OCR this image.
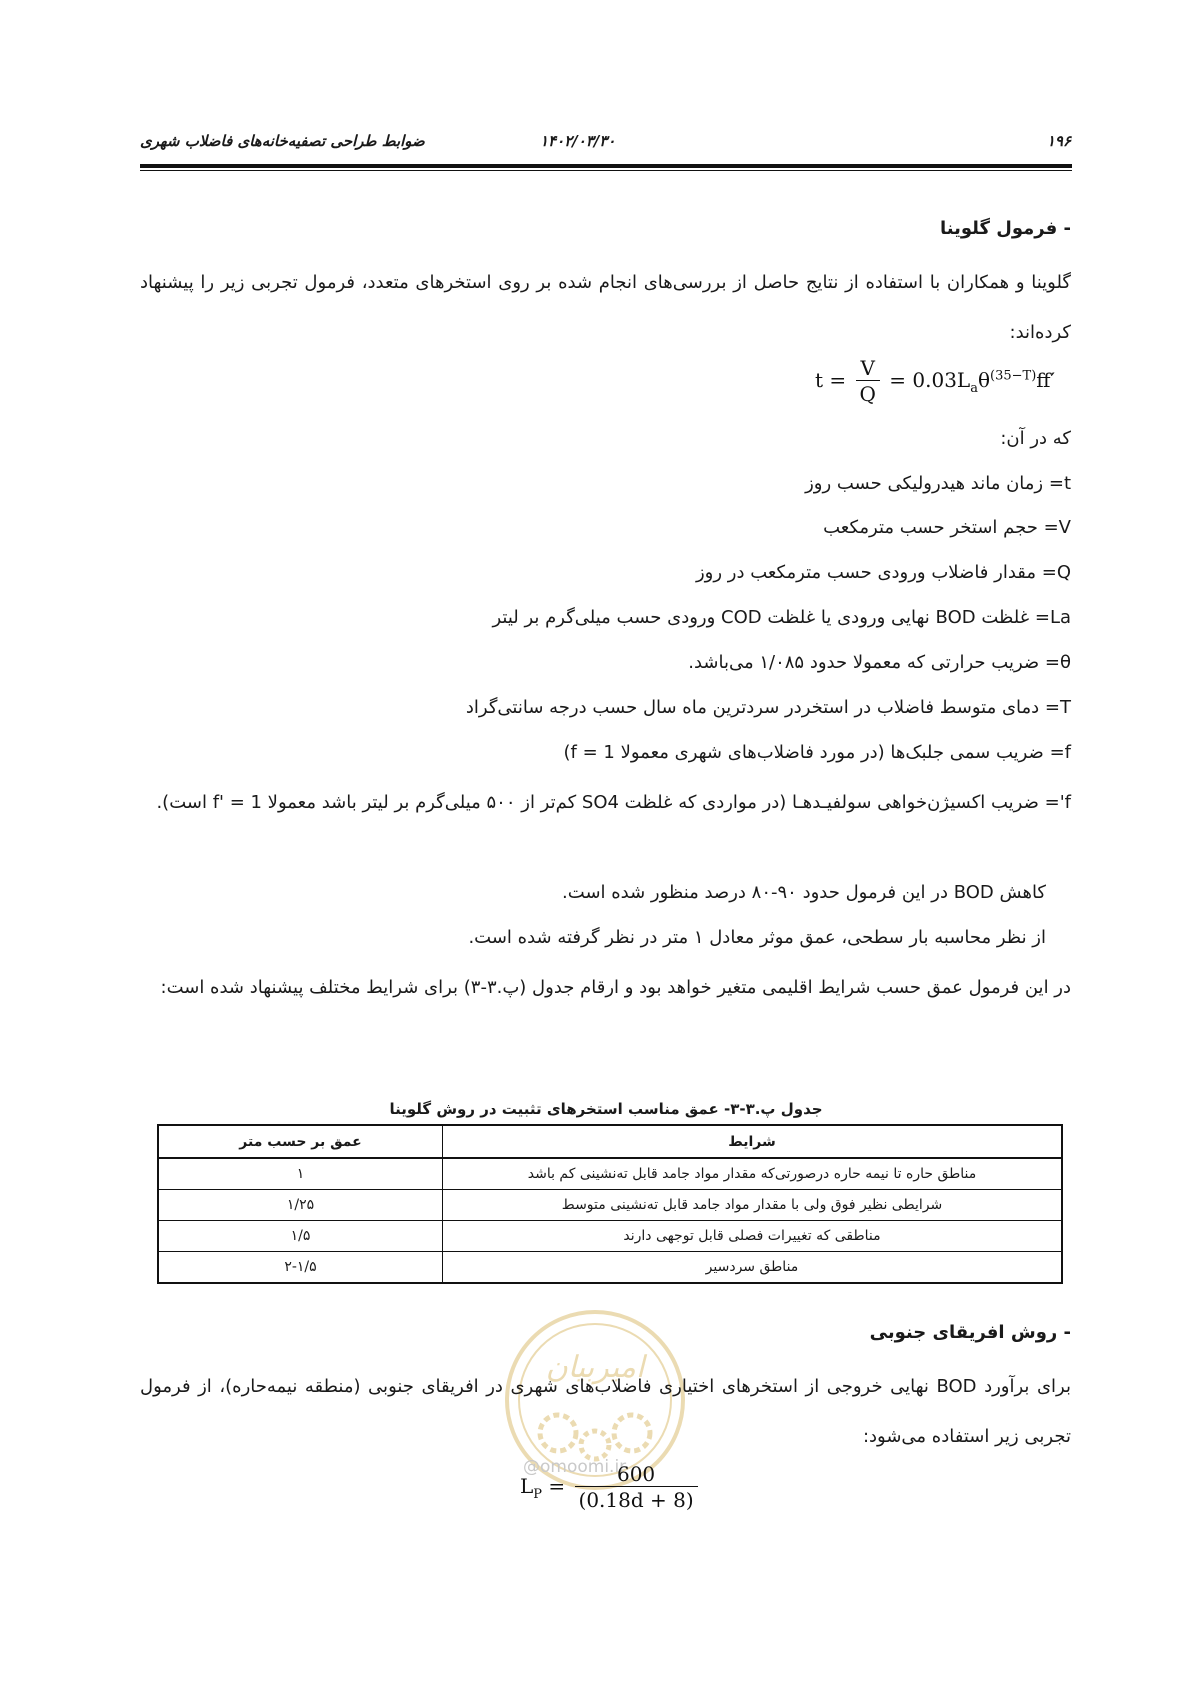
۱۹۶
۱۴۰۲/۰۳/۳۰
ضوابط طراحی تصفیه‌خانه‌های فاضلاب شهری
- فرمول گلوینا
گلوینا و همکاران با استفاده از نتایج حاصل از بررسی‌های انجام شده بر روی استخرهای متعدد، فرمول تجربی زیر را پیشنهاد کرده‌اند:
$t = \frac{V}{Q} = 0.03L_a\theta^{(35-T)}ff'$
که در آن:
t= زمان ماند هیدرولیکی حسب روز
V= حجم استخر حسب مترمکعب
Q= مقدار فاضلاب ورودی حسب مترمکعب در روز
La= غلظت BOD نهایی ورودی یا غلظت COD ورودی حسب میلی‌گرم بر لیتر
θ= ضریب حرارتی که معمولا حدود ۱/۰۸۵ می‌باشد.
T= دمای متوسط فاضلاب در استخردر سردترین ماه سال حسب درجه سانتی‌گراد
f= ضریب سمی جلبک‌ها (در مورد فاضلاب‌های شهری معمولا f = 1)
f'= ضریب اکسیژن‌خواهی سولفیـدهـا (در مواردی که غلظت SO4 کم‌تر از ۵۰۰ میلی‌گرم بر لیتر باشد معمولا f' = 1 است).
کاهش BOD در این فرمول حدود ۹۰-۸۰ درصد منظور شده است.
از نظر محاسبه بار سطحی، عمق موثر معادل ۱ متر در نظر گرفته شده است.
در این فرمول عمق حسب شرایط اقلیمی متغیر خواهد بود و ارقام جدول (پ.۳-۳) برای شرایط مختلف پیشنهاد شده است:
جدول پ.۳-۳- عمق مناسب استخرهای تثبیت در روش گلوینا
شرایط	عمق بر حسب متر
مناطق حاره تا نیمه حاره درصورتی‌که مقدار مواد جامد قابل ته‌نشینی کم باشد	۱
شرایطی نظیر فوق ولی با مقدار مواد جامد قابل ته‌نشینی متوسط	۱/۲۵
مناطقی که تغییرات فصلی قابل توجهی دارند	۱/۵
مناطق سردسیر	۲-۱/۵
امیربیان
@omoomi.ir
- روش افریقای جنوبی
برای برآورد BOD نهایی خروجی از استخرهای اختیاری فاضلاب‌های شهری در افریقای جنوبی (منطقه نیمه‌حاره)، از فرمول تجربی زیر استفاده می‌شود:
$L_P = \frac{600}{(0.18d + 8)}$
